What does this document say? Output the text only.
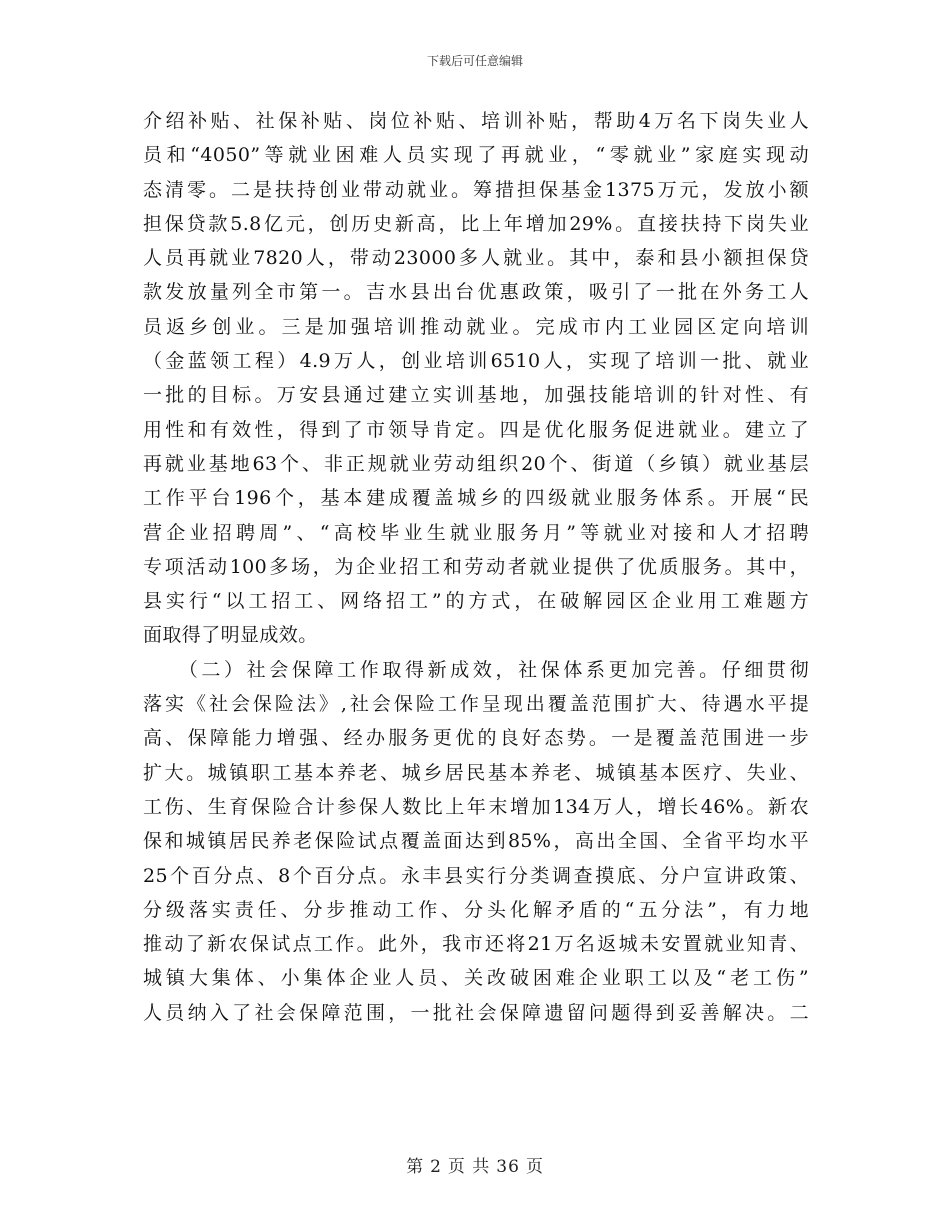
下载后可任意编辑
介绍补贴、社保补贴、岗位补贴、培训补贴，帮助4万名下岗失业人
员和“4050”等就业困难人员实现了再就业，“零就业”家庭实现动
态清零。二是扶持创业带动就业。筹措担保基金1375万元，发放小额
担保贷款5.8亿元，创历史新高，比上年增加29%。直接扶持下岗失业
人员再就业7820人，带动23000多人就业。其中，泰和县小额担保贷
款发放量列全市第一。吉水县出台优惠政策，吸引了一批在外务工人
员返乡创业。三是加强培训推动就业。完成市内工业园区定向培训
（金蓝领工程）4.9万人，创业培训6510人，实现了培训一批、就业
一批的目标。万安县通过建立实训基地，加强技能培训的针对性、有
用性和有效性，得到了市领导肯定。四是优化服务促进就业。建立了
再就业基地63个、非正规就业劳动组织20个、街道（乡镇）就业基层
工作平台196个，基本建成覆盖城乡的四级就业服务体系。开展“民
营企业招聘周”、“高校毕业生就业服务月”等就业对接和人才招聘
专项活动100多场，为企业招工和劳动者就业提供了优质服务。其中，
县实行“以工招工、网络招工”的方式，在破解园区企业用工难题方
面取得了明显成效。
　　（二）社会保障工作取得新成效，社保体系更加完善。仔细贯彻
落实《社会保险法》,社会保险工作呈现出覆盖范围扩大、待遇水平提
高、保障能力增强、经办服务更优的良好态势。一是覆盖范围进一步
扩大。城镇职工基本养老、城乡居民基本养老、城镇基本医疗、失业、
工伤、生育保险合计参保人数比上年末增加134万人，增长46%。新农
保和城镇居民养老保险试点覆盖面达到85%，高出全国、全省平均水平
25个百分点、8个百分点。永丰县实行分类调查摸底、分户宣讲政策、
分级落实责任、分步推动工作、分头化解矛盾的“五分法”，有力地
推动了新农保试点工作。此外，我市还将21万名返城未安置就业知青、
城镇大集体、小集体企业人员、关改破困难企业职工以及“老工伤”
人员纳入了社会保障范围，一批社会保障遗留问题得到妥善解决。二
第 2 页 共 36 页
